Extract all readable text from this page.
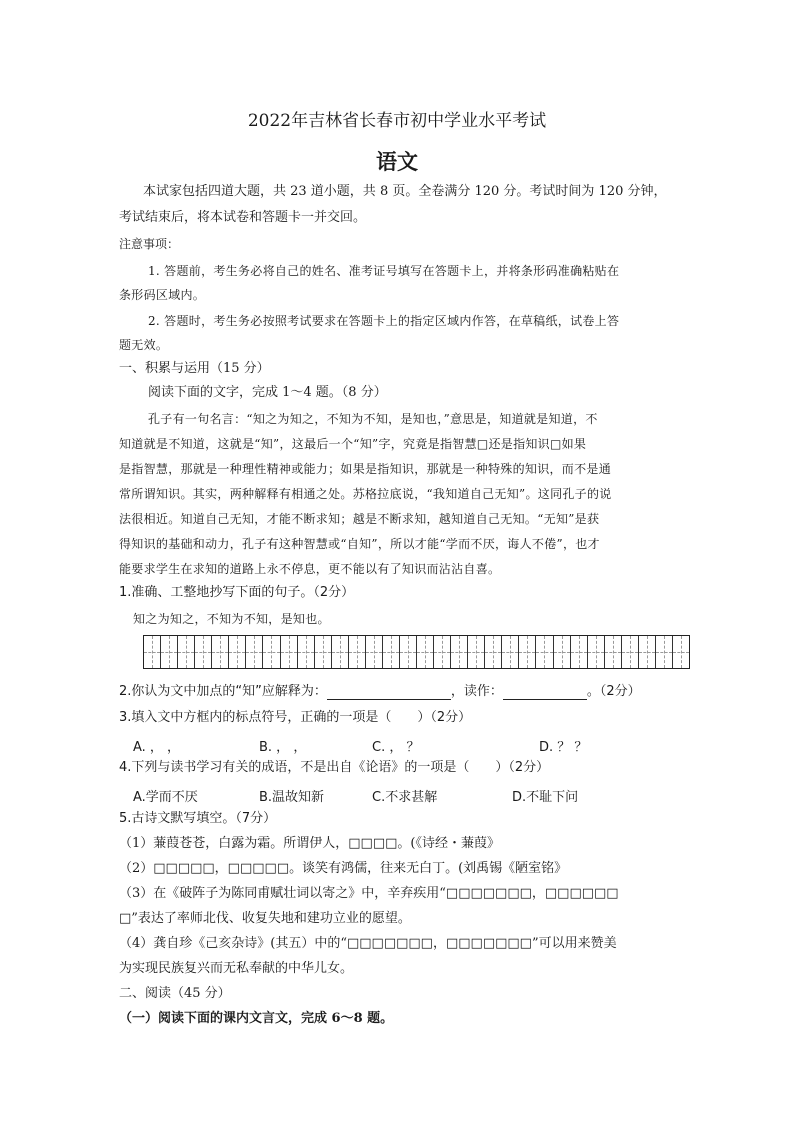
2022年吉林省长春市初中学业水平考试
语文
本试家包括四道大题，共 23 道小题，共 8 页。全卷满分 120 分。考试时间为 120 分钟，
考试结束后，将本试卷和答题卡一并交回。
注意事项：
1. 答题前，考生务必将自己的姓名、准考证号填写在答题卡上，并将条形码准确粘贴在
条形码区域内。
2. 答题时，考生务必按照考试要求在答题卡上的指定区域内作答，在草稿纸，试卷上答
题无效。
一、积累与运用（15 分）
阅读下面的文字，完成 1～4 题。（8 分）
孔子有一句名言：“知之为知之，不知为不知，是知也，”意思是，知道就是知道，不
知道就是不知道，这就是“知”，这最后一个“知”字，究竟是指智慧□还是指知识□如果
是指智慧，那就是一种理性精神或能力；如果是指知识，那就是一种特殊的知识，而不是通
常所谓知识。其实，两种解释有相通之处。苏格拉底说，“我知道自己无知”。这同孔子的说
法很相近。知道自己无知，才能不断求知；越是不断求知，越知道自己无知。“无知”是获
得知识的基础和动力，孔子有这种智慧或“自知”，所以才能“学而不厌，诲人不倦”，也才
能要求学生在求知的道路上永不停息，更不能以有了知识而沾沾自喜。
1.准确、工整地抄写下面的句子。（2分）
知之为知之，不知为不知，是知也。
2.你认为文中加点的“知”应解释为：	，读作：	。（2分）
3.填入文中方框内的标点符号，正确的一项是（　　）（2分）
A. ， ，	B. ， ，	C. ， ？	D. ？ ？
4.下列与读书学习有关的成语，不是出自《论语》的一项是（　　）（2分）
A.学而不厌	B.温故知新	C.不求甚解	D.不耻下问
5.古诗文默写填空。（7分）
（1）蒹葭苍苍，白露为霜。所谓伊人，□□□□。(《诗经・蒹葭》
（2）□□□□□，□□□□□。谈笑有鸿儒，往来无白丁。(刘禹锡《陋室铭》
（3）在《破阵子为陈同甫赋壮词以寄之》中，辛弃疾用“□□□□□□□，□□□□□□
□”表达了率师北伐、收复失地和建功立业的愿望。
（4）龚自珍《己亥杂诗》(其五）中的“□□□□□□□，□□□□□□□”可以用来赞美
为实现民族复兴而无私奉献的中华儿女。
二、阅读（45 分）
（一）阅读下面的课内文言文，完成 6～8 题。
